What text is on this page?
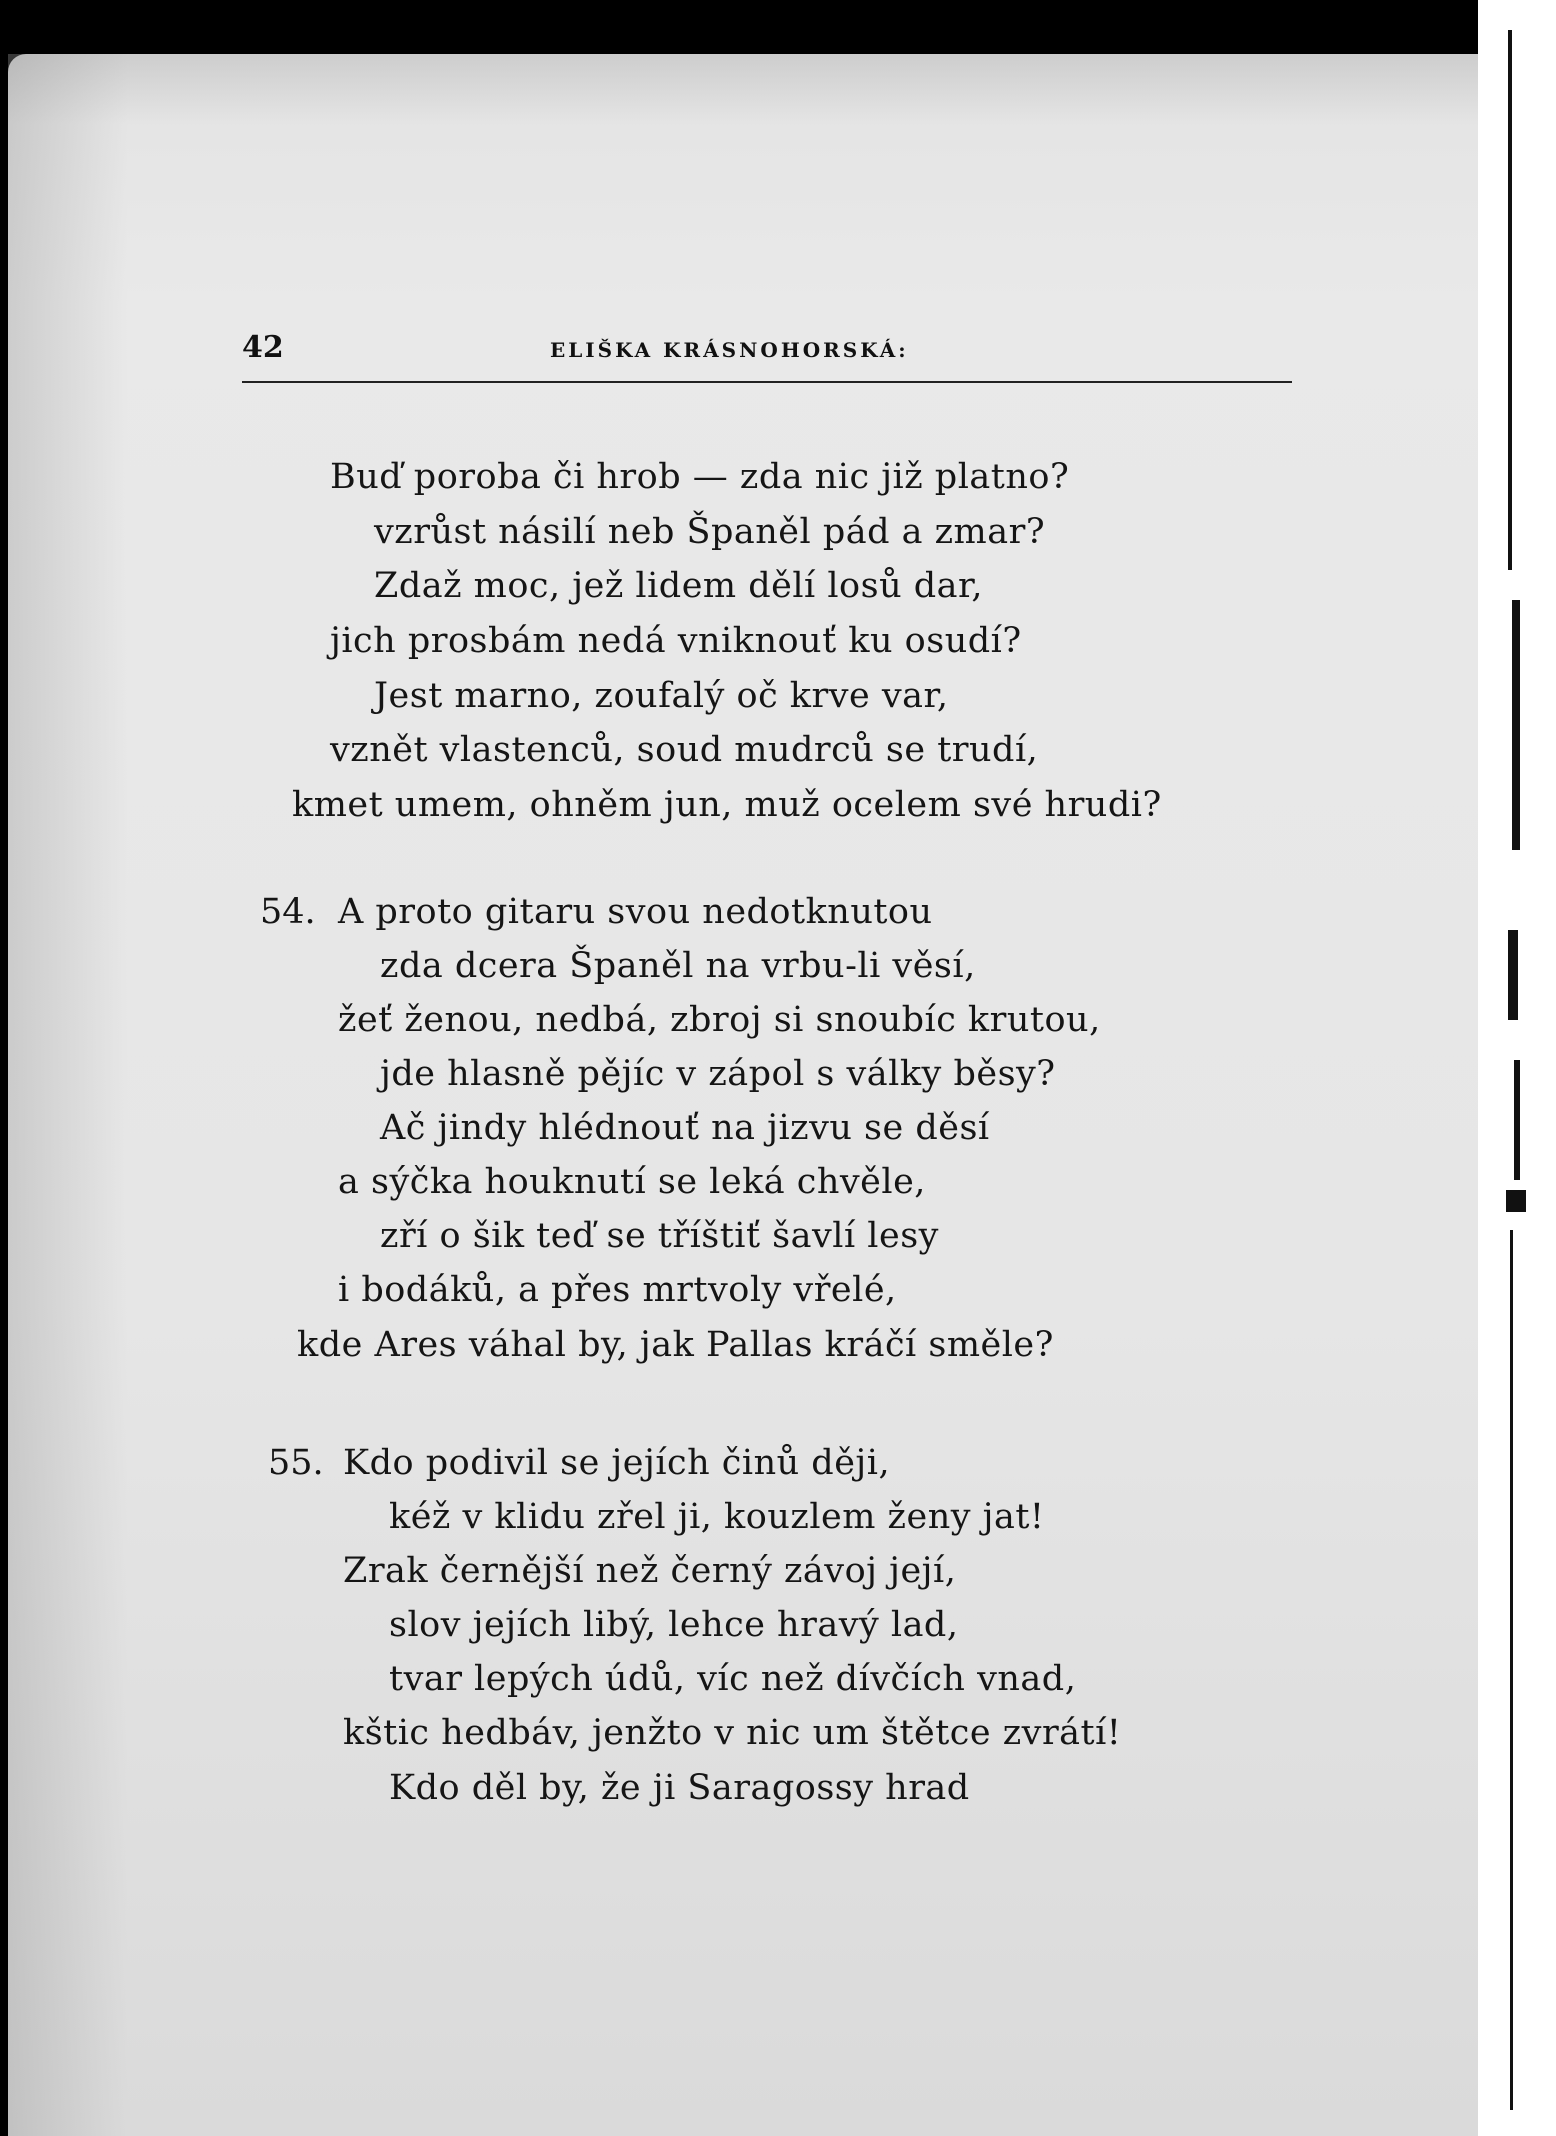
42	ELIŠKA KRÁSNOHORSKÁ:
Buď poroba či hrob — zda nic již platno?
vzrůst násilí neb Španěl pád a zmar?
Zdaž moc, jež lidem dělí losů dar,
jich prosbám nedá vniknouť ku osudí?
Jest marno, zoufalý oč krve var,
vznět vlastenců, soud mudrců se trudí,
kmet umem, ohněm jun, muž ocelem své hrudi?
54. A proto gitaru svou nedotknutou
zda dcera Španěl na vrbu-li věsí,
žeť ženou, nedbá, zbroj si snoubíc krutou,
jde hlasně pějíc v zápol s války běsy?
Ač jindy hlédnouť na jizvu se děsí
a sýčka houknutí se leká chvěle,
zří o šik teď se tříštiť šavlí lesy
i bodáků, a přes mrtvoly vřelé,
kde Ares váhal by, jak Pallas kráčí směle?
55. Kdo podivil se jejích činů ději,
kéž v klidu zřel ji, kouzlem ženy jat!
Zrak černější než černý závoj její,
slov jejích libý, lehce hravý lad,
tvar lepých údů, víc než dívčích vnad,
kštic hedbáv, jenžto v nic um štětce zvrátí!
Kdo děl by, že ji Saragossy hrad
